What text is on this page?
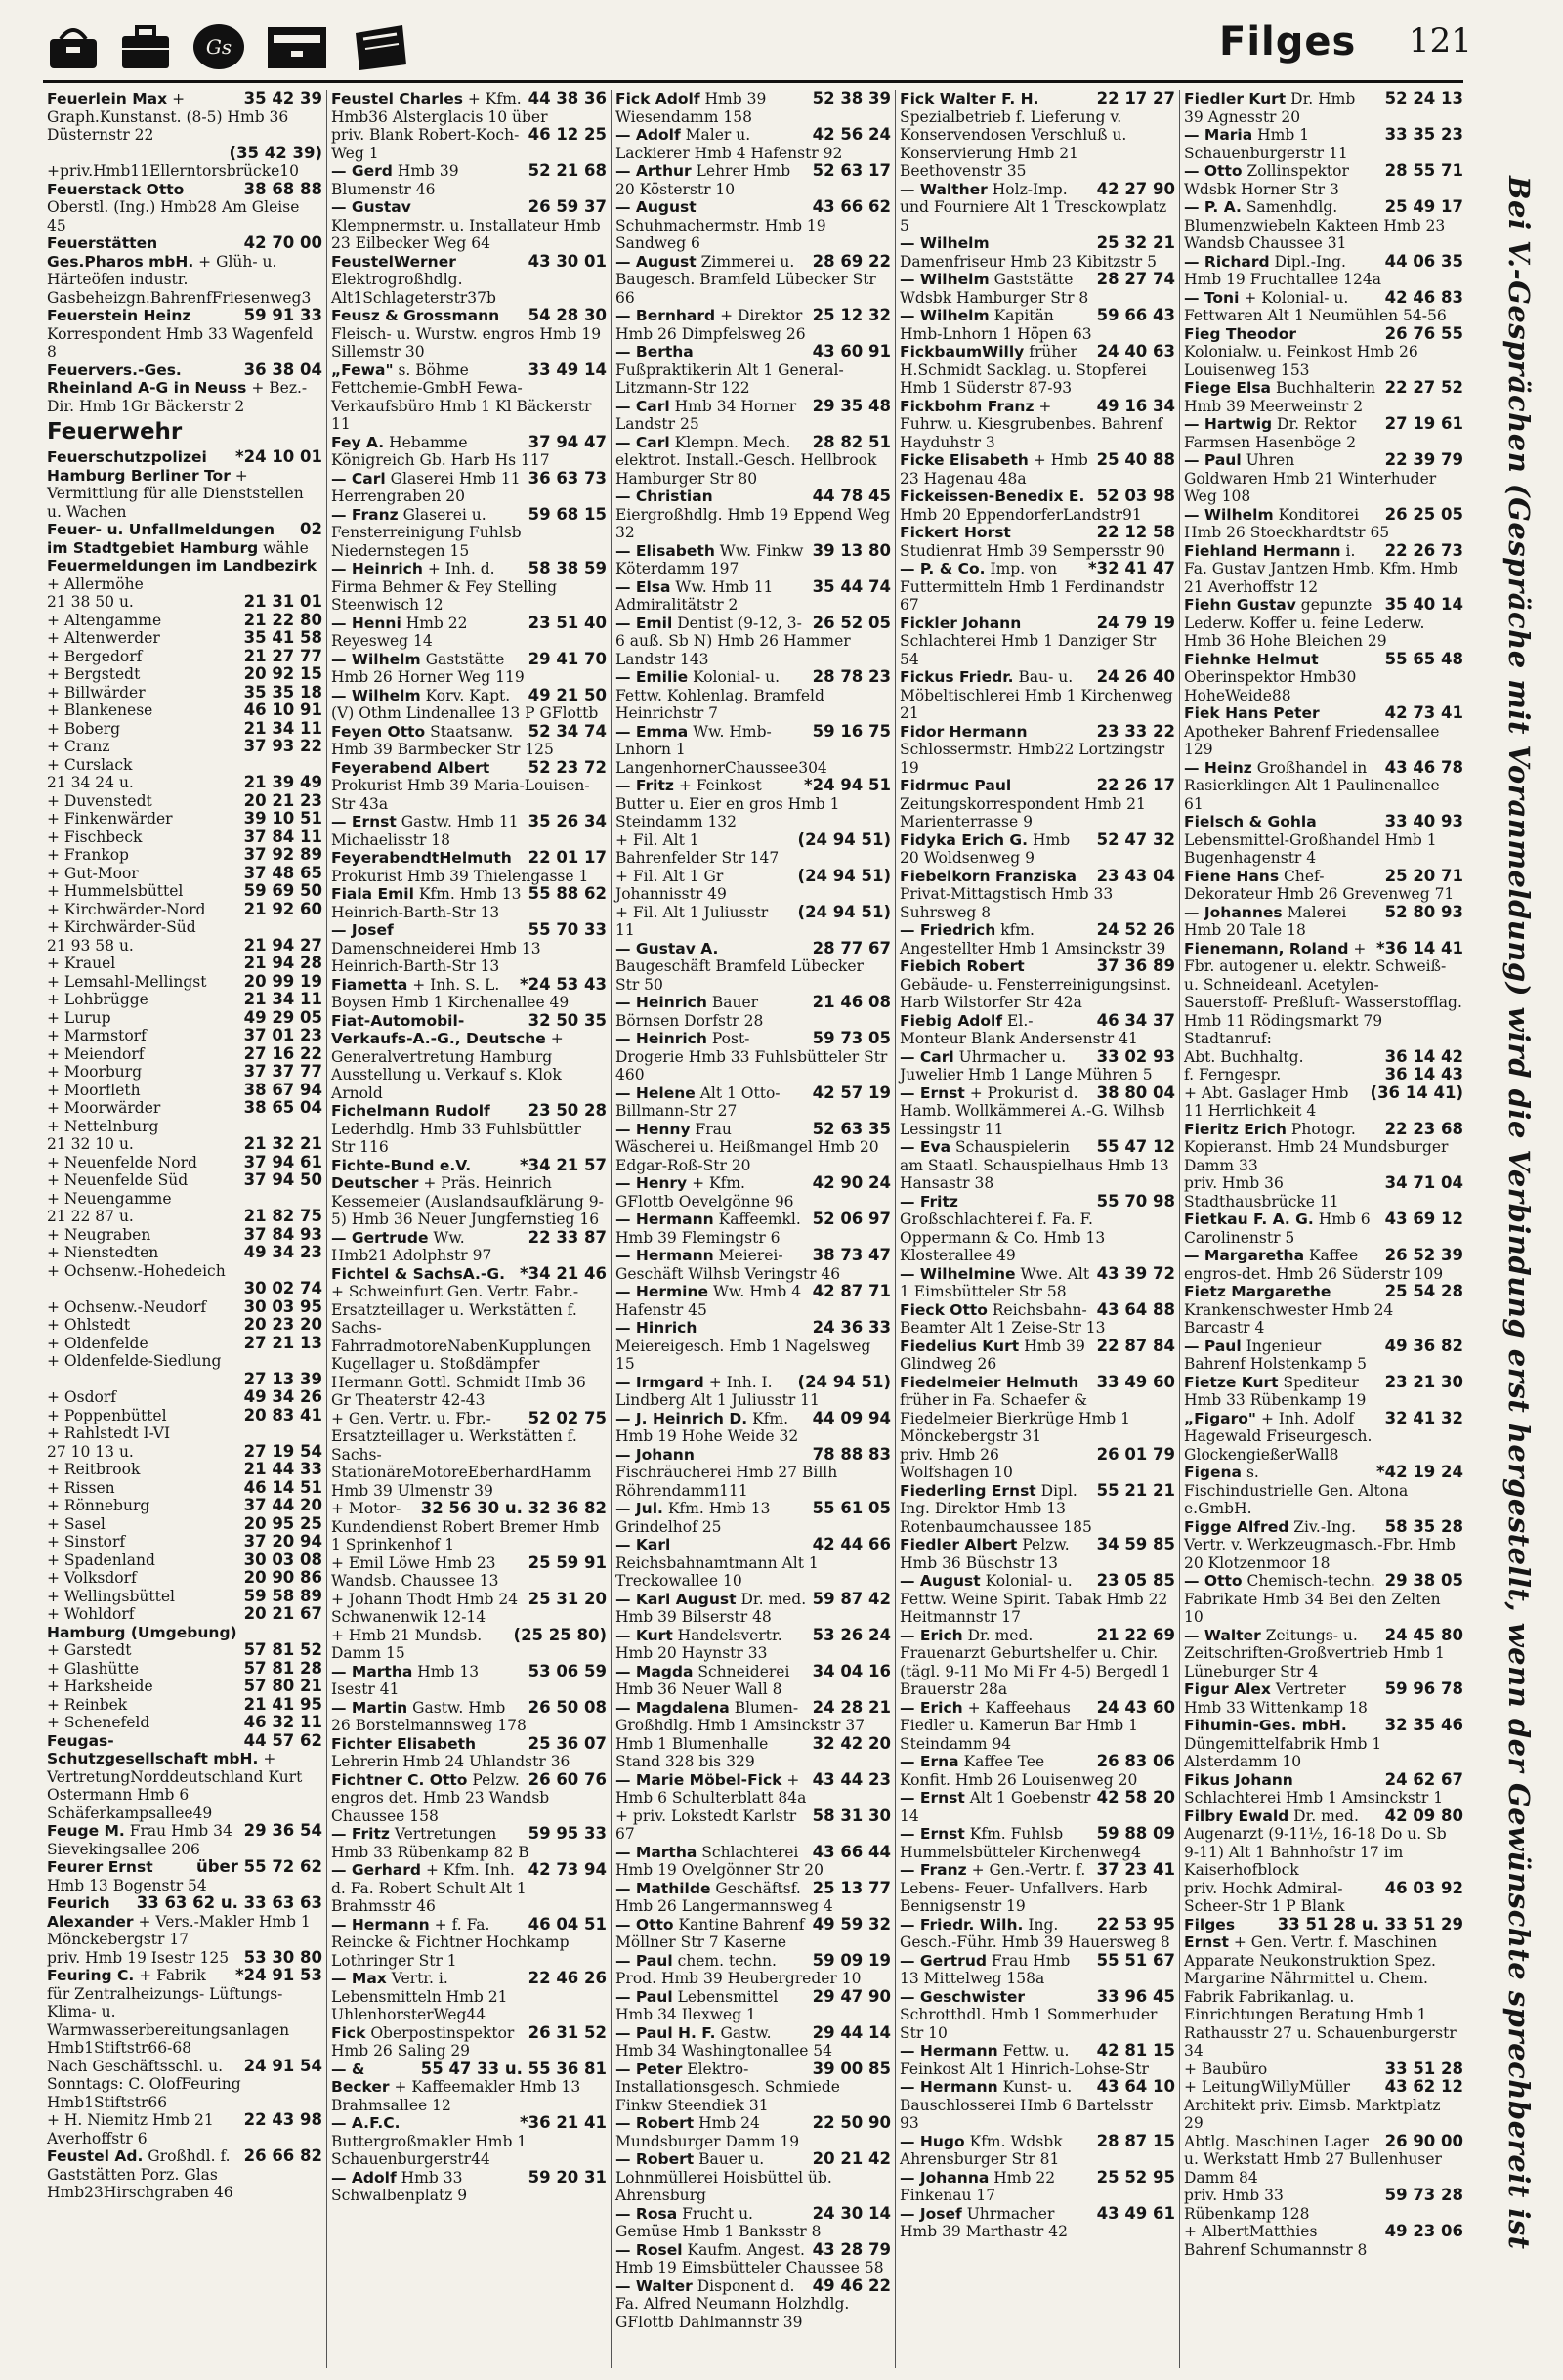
Gs	Filges 121
35 42 39
Feuerlein Max + Graph.Kunstanst. (8-5) Hmb 36 Düsternstr 22
(35 42 39)
+priv.Hmb11Ellerntorsbrücke10
38 68 88
Feuerstack Otto Oberstl. (Ing.) Hmb28 Am Gleise 45
42 70 00
Feuerstätten Ges.Pharos mbH. + Glüh- u. Härteöfen industr. Gasbeheizgn.BahrenfFriesenweg3
59 91 33
Feuerstein Heinz Korrespondent Hmb 33 Wagenfeld 8
36 38 04
Feuervers.-Ges. Rheinland A-G in Neuss + Bez.-Dir. Hmb 1Gr Bäckerstr 2
Feuerwehr
*24 10 01
Feuerschutzpolizei Hamburg Berliner Tor + Vermittlung für alle Dienststellen u. Wachen
02
Feuer- u. Unfallmeldungen im Stadtgebiet Hamburg wähle
Feuermeldungen im Landbezirk
+ Allermöhe
21 31 01
21 38 50 u.
21 22 80
+ Altengamme
35 41 58
+ Altenwerder
21 27 77
+ Bergedorf
20 92 15
+ Bergstedt
35 35 18
+ Billwärder
46 10 91
+ Blankenese
21 34 11
+ Boberg
37 93 22
+ Cranz
+ Curslack
21 39 49
21 34 24 u.
20 21 23
+ Duvenstedt
39 10 51
+ Finkenwärder
37 84 11
+ Fischbeck
37 92 89
+ Frankop
37 48 65
+ Gut-Moor
59 69 50
+ Hummelsbüttel
21 92 60
+ Kirchwärder-Nord
+ Kirchwärder-Süd
21 94 27
21 93 58 u.
21 94 28
+ Krauel
20 99 19
+ Lemsahl-Mellingst
21 34 11
+ Lohbrügge
49 29 05
+ Lurup
37 01 23
+ Marmstorf
27 16 22
+ Meiendorf
37 37 77
+ Moorburg
38 67 94
+ Moorfleth
38 65 04
+ Moorwärder
+ Nettelnburg
21 32 21
21 32 10 u.
37 94 61
+ Neuenfelde Nord
37 94 50
+ Neuenfelde Süd
+ Neuengamme
21 82 75
21 22 87 u.
37 84 93
+ Neugraben
49 34 23
+ Nienstedten
+ Ochsenw.-Hohedeich
30 02 74
30 03 95
+ Ochsenw.-Neudorf
20 23 20
+ Ohlstedt
27 21 13
+ Oldenfelde
+ Oldenfelde-Siedlung
27 13 39
49 34 26
+ Osdorf
20 83 41
+ Poppenbüttel
+ Rahlstedt I-VI
27 19 54
27 10 13 u.
21 44 33
+ Reitbrook
46 14 51
+ Rissen
37 44 20
+ Rönneburg
20 95 25
+ Sasel
37 20 94
+ Sinstorf
30 03 08
+ Spadenland
20 90 86
+ Volksdorf
59 58 89
+ Wellingsbüttel
20 21 67
+ Wohldorf
Hamburg (Umgebung)
57 81 52
+ Garstedt
57 81 28
+ Glashütte
57 80 21
+ Harksheide
21 41 95
+ Reinbek
46 32 11
+ Schenefeld
44 57 62
Feugas-Schutzgesellschaft mbH. + VertretungNorddeutschland Kurt Ostermann Hmb 6 Schäferkampsallee49
29 36 54
Feuge M. Frau Hmb 34 Sievekingsallee 206
über 55 72 62
Feurer Ernst Hmb 13 Bogenstr 54
33 63 62 u. 33 63 63
Feurich Alexander + Vers.-Makler Hmb 1 Mönckebergstr 17
53 30 80
priv. Hmb 19 Isestr 125
*24 91 53
Feuring C. + Fabrik für Zentralheizungs- Lüftungs- Klima- u. Warmwasserbereitungsanlagen Hmb1Stiftstr66-68
24 91 54
Nach Geschäftsschl. u. Sonntags: C. OlofFeuring Hmb1Stiftstr66
22 43 98
+ H. Niemitz Hmb 21 Averhoffstr 6
26 66 82
Feustel Ad. Großhdl. f. Gaststätten Porz. Glas Hmb23Hirschgraben 46
44 38 36
Feustel Charles + Kfm. Hmb36 Alsterglacis 10 über
46 12 25
priv. Blank Robert-Koch-Weg 1
52 21 68
— Gerd Hmb 39 Blumenstr 46
26 59 37
— Gustav Klempnermstr. u. Installateur Hmb 23 Eilbecker Weg 64
43 30 01
FeustelWerner Elektrogroßhdlg. Alt1Schlageterstr37b
54 28 30
Feusz & Grossmann Fleisch- u. Wurstw. engros Hmb 19 Sillemstr 30
33 49 14
„Fewa" s. Böhme Fettchemie-GmbH Fewa-Verkaufsbüro Hmb 1 Kl Bäckerstr 11
37 94 47
Fey A. Hebamme Königreich Gb. Harb Hs 117
36 63 73
— Carl Glaserei Hmb 11 Herrengraben 20
59 68 15
— Franz Glaserei u. Fensterreinigung Fuhlsb Niedernstegen 15
58 38 59
— Heinrich + Inh. d. Firma Behmer & Fey Stelling Steenwisch 12
23 51 40
— Henni Hmb 22 Reyesweg 14
29 41 70
— Wilhelm Gaststätte Hmb 26 Horner Weg 119
49 21 50
— Wilhelm Korv. Kapt. (V) Othm Lindenallee 13 P GFlottb
52 34 74
Feyen Otto Staatsanw. Hmb 39 Barmbecker Str 125
52 23 72
Feyerabend Albert Prokurist Hmb 39 Maria-Louisen-Str 43a
35 26 34
— Ernst Gastw. Hmb 11 Michaelisstr 18
22 01 17
FeyerabendtHelmuth Prokurist Hmb 39 Thielengasse 1
55 88 62
Fiala Emil Kfm. Hmb 13 Heinrich-Barth-Str 13
55 70 33
— Josef Damenschneiderei Hmb 13 Heinrich-Barth-Str 13
*24 53 43
Fiametta + Inh. S. L. Boysen Hmb 1 Kirchenallee 49
32 50 35
Fiat-Automobil-Verkaufs-A.-G., Deutsche + Generalvertretung Hamburg Ausstellung u. Verkauf s. Klok Arnold
23 50 28
Fichelmann Rudolf Lederhdlg. Hmb 33 Fuhlsbüttler Str 116
*34 21 57
Fichte-Bund e.V. Deutscher + Präs. Heinrich Kessemeier (Auslandsaufklärung 9-5) Hmb 36 Neuer Jungfernstieg 16
22 33 87
— Gertrude Ww. Hmb21 Adolphstr 97
*34 21 46
Fichtel & SachsA.-G. + Schweinfurt Gen. Vertr. Fabr.-Ersatzteillager u. Werkstätten f. Sachs-FahrradmotoreNabenKupplungen Kugellager u. Stoßdämpfer Hermann Gottl. Schmidt Hmb 36 Gr Theaterstr 42-43
52 02 75
+ Gen. Vertr. u. Fbr.-Ersatzteillager u. Werkstätten f. Sachs-StationäreMotoreEberhardHamm Hmb 39 Ulmenstr 39
32 56 30 u. 32 36 82
+ Motor-Kundendienst Robert Bremer Hmb 1 Sprinkenhof 1
25 59 91
+ Emil Löwe Hmb 23 Wandsb. Chaussee 13
25 31 20
+ Johann Thodt Hmb 24 Schwanenwik 12-14
(25 25 80)
+ Hmb 21 Mundsb. Damm 15
53 06 59
— Martha Hmb 13 Isestr 41
26 50 08
— Martin Gastw. Hmb 26 Borstelmannsweg 178
25 36 07
Fichter Elisabeth Lehrerin Hmb 24 Uhlandstr 36
26 60 76
Fichtner C. Otto Pelzw. engros det. Hmb 23 Wandsb Chaussee 158
59 95 33
— Fritz Vertretungen Hmb 33 Rübenkamp 82 B
42 73 94
— Gerhard + Kfm. Inh. d. Fa. Robert Schult Alt 1 Brahmsstr 46
46 04 51
— Hermann + f. Fa. Reincke & Fichtner Hochkamp Lothringer Str 1
22 46 26
— Max Vertr. i. Lebensmitteln Hmb 21 UhlenhorsterWeg44
26 31 52
Fick Oberpostinspektor Hmb 26 Saling 29
55 47 33 u. 55 36 81
— & Becker + Kaffeemakler Hmb 13 Brahmsallee 12
*36 21 41
— A.F.C. Buttergroßmakler Hmb 1 Schauenburgerstr44
59 20 31
— Adolf Hmb 33 Schwalbenplatz 9
52 38 39
Fick Adolf Hmb 39 Wiesendamm 158
42 56 24
— Adolf Maler u. Lackierer Hmb 4 Hafenstr 92
52 63 17
— Arthur Lehrer Hmb 20 Kösterstr 10
43 66 62
— August Schuhmachermstr. Hmb 19 Sandweg 6
28 69 22
— August Zimmerei u. Baugesch. Bramfeld Lübecker Str 66
25 12 32
— Bernhard + Direktor Hmb 26 Dimpfelsweg 26
43 60 91
— Bertha Fußpraktikerin Alt 1 General-Litzmann-Str 122
29 35 48
— Carl Hmb 34 Horner Landstr 25
28 82 51
— Carl Klempn. Mech. elektrot. Install.-Gesch. Hellbrook Hamburger Str 80
44 78 45
— Christian Eiergroßhdlg. Hmb 19 Eppend Weg 32
39 13 80
— Elisabeth Ww. Finkw Köterdamm 197
35 44 74
— Elsa Ww. Hmb 11 Admiralitätstr 2
26 52 05
— Emil Dentist (9-12, 3-6 auß. Sb N) Hmb 26 Hammer Landstr 143
28 78 23
— Emilie Kolonial- u. Fettw. Kohlenlag. Bramfeld Heinrichstr 7
59 16 75
— Emma Ww. Hmb-Lnhorn 1 LangenhornerChaussee304
*24 94 51
— Fritz + Feinkost Butter u. Eier en gros Hmb 1 Steindamm 132
(24 94 51)
+ Fil. Alt 1 Bahrenfelder Str 147
(24 94 51)
+ Fil. Alt 1 Gr Johannisstr 49
(24 94 51)
+ Fil. Alt 1 Juliusstr 11
28 77 67
— Gustav A. Baugeschäft Bramfeld Lübecker Str 50
21 46 08
— Heinrich Bauer Börnsen Dorfstr 28
59 73 05
— Heinrich Post-Drogerie Hmb 33 Fuhlsbütteler Str 460
42 57 19
— Helene Alt 1 Otto-Billmann-Str 27
52 63 35
— Henny Frau Wäscherei u. Heißmangel Hmb 20 Edgar-Roß-Str 20
42 90 24
— Henry + Kfm. GFlottb Oevelgönne 96
52 06 97
— Hermann Kaffeemkl. Hmb 39 Flemingstr 6
38 73 47
— Hermann Meierei-Geschäft Wilhsb Veringstr 46
42 87 71
— Hermine Ww. Hmb 4 Hafenstr 45
24 36 33
— Hinrich Meiereigesch. Hmb 1 Nagelsweg 15
(24 94 51)
— Irmgard + Inh. I. Lindberg Alt 1 Juliusstr 11
44 09 94
— J. Heinrich D. Kfm. Hmb 19 Hohe Weide 32
78 88 83
— Johann Fischräucherei Hmb 27 Billh Röhrendamm111
55 61 05
— Jul. Kfm. Hmb 13 Grindelhof 25
42 44 66
— Karl Reichsbahnamtmann Alt 1 Treckowallee 10
59 87 42
— Karl August Dr. med. Hmb 39 Bilserstr 48
53 26 24
— Kurt Handelsvertr. Hmb 20 Haynstr 33
34 04 16
— Magda Schneiderei Hmb 36 Neuer Wall 8
24 28 21
— Magdalena Blumen-Großhdlg. Hmb 1 Amsinckstr 37
32 42 20
Hmb 1 Blumenhalle Stand 328 bis 329
43 44 23
— Marie Möbel-Fick + Hmb 6 Schulterblatt 84a
58 31 30
+ priv. Lokstedt Karlstr 67
43 66 44
— Martha Schlachterei Hmb 19 Ovelgönner Str 20
25 13 77
— Mathilde Geschäftsf. Hmb 26 Langermannsweg 4
49 59 32
— Otto Kantine Bahrenf Möllner Str 7 Kaserne
59 09 19
— Paul chem. techn. Prod. Hmb 39 Heubergreder 10
29 47 90
— Paul Lebensmittel Hmb 34 Ilexweg 1
29 44 14
— Paul H. F. Gastw. Hmb 34 Washingtonallee 54
39 00 85
— Peter Elektro-Installationsgesch. Schmiede Finkw Steendiek 31
22 50 90
— Robert Hmb 24 Mundsburger Damm 19
20 21 42
— Robert Bauer u. Lohnmüllerei Hoisbüttel üb. Ahrensburg
24 30 14
— Rosa Frucht u. Gemüse Hmb 1 Banksstr 8
43 28 79
— Rosel Kaufm. Angest. Hmb 19 Eimsbütteler Chaussee 58
49 46 22
— Walter Disponent d. Fa. Alfred Neumann Holzhdlg. GFlottb Dahlmannstr 39
22 17 27
Fick Walter F. H. Spezialbetrieb f. Lieferung v. Konservendosen Verschluß u. Konservierung Hmb 21 Beethovenstr 35
42 27 90
— Walther Holz-Imp. und Fourniere Alt 1 Tresckowplatz 5
25 32 21
— Wilhelm Damenfriseur Hmb 23 Kibitzstr 5
28 27 74
— Wilhelm Gaststätte Wdsbk Hamburger Str 8
59 66 43
— Wilhelm Kapitän Hmb-Lnhorn 1 Höpen 63
24 40 63
FickbaumWilly früher H.Schmidt Sacklag. u. Stopferei Hmb 1 Süderstr 87-93
49 16 34
Fickbohm Franz + Fuhrw. u. Kiesgrubenbes. Bahrenf Hayduhstr 3
25 40 88
Ficke Elisabeth + Hmb 23 Hagenau 48a
52 03 98
Fickeissen-Benedix E. Hmb 20 EppendorferLandstr91
22 12 58
Fickert Horst Studienrat Hmb 39 Sempersstr 90
*32 41 47
— P. & Co. Imp. von Futtermitteln Hmb 1 Ferdinandstr 67
24 79 19
Fickler Johann Schlachterei Hmb 1 Danziger Str 54
24 26 40
Fickus Friedr. Bau- u. Möbeltischlerei Hmb 1 Kirchenweg 21
23 33 22
Fidor Hermann Schlossermstr. Hmb22 Lortzingstr 19
22 26 17
Fidrmuc Paul Zeitungskorrespondent Hmb 21 Marienterrasse 9
52 47 32
Fidyka Erich G. Hmb 20 Woldsenweg 9
23 43 04
Fiebelkorn Franziska Privat-Mittagstisch Hmb 33 Suhrsweg 8
24 52 26
— Friedrich kfm. Angestellter Hmb 1 Amsinckstr 39
37 36 89
Fiebich Robert Gebäude- u. Fensterreinigungsinst. Harb Wilstorfer Str 42a
46 34 37
Fiebig Adolf El.-Monteur Blank Andersenstr 41
33 02 93
— Carl Uhrmacher u. Juwelier Hmb 1 Lange Mühren 5
38 80 04
— Ernst + Prokurist d. Hamb. Wollkämmerei A.-G. Wilhsb Lessingstr 11
55 47 12
— Eva Schauspielerin am Staatl. Schauspielhaus Hmb 13 Hansastr 38
55 70 98
— Fritz Großschlachterei f. Fa. F. Oppermann & Co. Hmb 13 Klosterallee 49
43 39 72
— Wilhelmine Wwe. Alt 1 Eimsbütteler Str 58
43 64 88
Fieck Otto Reichsbahn-Beamter Alt 1 Zeise-Str 13
22 87 84
Fiedelius Kurt Hmb 39 Glindweg 26
33 49 60
Fiedelmeier Helmuth früher in Fa. Schaefer & Fiedelmeier Bierkrüge Hmb 1 Mönckebergstr 31
26 01 79
priv. Hmb 26 Wolfshagen 10
55 21 21
Fiederling Ernst Dipl. Ing. Direktor Hmb 13 Rotenbaumchaussee 185
34 59 85
Fiedler Albert Pelzw. Hmb 36 Büschstr 13
23 05 85
— August Kolonial- u. Fettw. Weine Spirit. Tabak Hmb 22 Heitmannstr 17
21 22 69
— Erich Dr. med. Frauenarzt Geburtshelfer u. Chir. (tägl. 9-11 Mo Mi Fr 4-5) Bergedl 1 Brauerstr 28a
24 43 60
— Erich + Kaffeehaus Fiedler u. Kamerun Bar Hmb 1 Steindamm 94
26 83 06
— Erna Kaffee Tee Konfit. Hmb 26 Louisenweg 20
42 58 20
— Ernst Alt 1 Goebenstr 14
59 88 09
— Ernst Kfm. Fuhlsb Hummelsbütteler Kirchenweg4
37 23 41
— Franz + Gen.-Vertr. f. Lebens- Feuer- Unfallvers. Harb Bennigsenstr 19
22 53 95
— Friedr. Wilh. Ing. Gesch.-Führ. Hmb 39 Hauersweg 8
55 51 67
— Gertrud Frau Hmb 13 Mittelweg 158a
33 96 45
— Geschwister Schrotthdl. Hmb 1 Sommerhuder Str 10
42 81 15
— Hermann Fettw. u. Feinkost Alt 1 Hinrich-Lohse-Str
43 64 10
— Hermann Kunst- u. Bauschlosserei Hmb 6 Bartelsstr 93
28 87 15
— Hugo Kfm. Wdsbk Ahrensburger Str 81
25 52 95
— Johanna Hmb 22 Finkenau 17
43 49 61
— Josef Uhrmacher Hmb 39 Marthastr 42
52 24 13
Fiedler Kurt Dr. Hmb 39 Agnesstr 20
33 35 23
— Maria Hmb 1 Schauenburgerstr 11
28 55 71
— Otto Zollinspektor Wdsbk Horner Str 3
25 49 17
— P. A. Samenhdlg. Blumenzwiebeln Kakteen Hmb 23 Wandsb Chaussee 31
44 06 35
— Richard Dipl.-Ing. Hmb 19 Fruchtallee 124a
42 46 83
— Toni + Kolonial- u. Fettwaren Alt 1 Neumühlen 54-56
26 76 55
Fieg Theodor Kolonialw. u. Feinkost Hmb 26 Louisenweg 153
22 27 52
Fiege Elsa Buchhalterin Hmb 39 Meerweinstr 2
27 19 61
— Hartwig Dr. Rektor Farmsen Hasenböge 2
22 39 79
— Paul Uhren Goldwaren Hmb 21 Winterhuder Weg 108
26 25 05
— Wilhelm Konditorei Hmb 26 Stoeckhardtstr 65
22 26 73
Fiehland Hermann i. Fa. Gustav Jantzen Hmb. Kfm. Hmb 21 Averhoffstr 12
35 40 14
Fiehn Gustav gepunzte Lederw. Koffer u. feine Lederw. Hmb 36 Hohe Bleichen 29
55 65 48
Fiehnke Helmut Oberinspektor Hmb30 HoheWeide88
42 73 41
Fiek Hans Peter Apotheker Bahrenf Friedensallee 129
43 46 78
— Heinz Großhandel in Rasierklingen Alt 1 Paulinenallee 61
33 40 93
Fielsch & Gohla Lebensmittel-Großhandel Hmb 1 Bugenhagenstr 4
25 20 71
Fiene Hans Chef-Dekorateur Hmb 26 Grevenweg 71
52 80 93
— Johannes Malerei Hmb 20 Tale 18
*36 14 41
Fienemann, Roland + Fbr. autogener u. elektr. Schweiß- u. Schneideanl. Acetylen- Sauerstoff- Preßluft- Wasserstofflag. Hmb 11 Rödingsmarkt 79 Stadtanruf:
36 14 42
Abt. Buchhaltg.
36 14 43
f. Ferngespr.
(36 14 41)
+ Abt. Gaslager Hmb 11 Herrlichkeit 4
22 23 68
Fieritz Erich Photogr. Kopieranst. Hmb 24 Mundsburger Damm 33
34 71 04
priv. Hmb 36 Stadthausbrücke 11
43 69 12
Fietkau F. A. G. Hmb 6 Carolinenstr 5
26 52 39
— Margaretha Kaffee engros-det. Hmb 26 Süderstr 109
25 54 28
Fietz Margarethe Krankenschwester Hmb 24 Barcastr 4
49 36 82
— Paul Ingenieur Bahrenf Holstenkamp 5
23 21 30
Fietze Kurt Spediteur Hmb 33 Rübenkamp 19
32 41 32
„Figaro" + Inh. Adolf Hagewald Friseurgesch. GlockengießerWall8
*42 19 24
Figena s. Fischindustrielle Gen. Altona e.GmbH.
58 35 28
Figge Alfred Ziv.-Ing. Vertr. v. Werkzeugmasch.-Fbr. Hmb 20 Klotzenmoor 18
29 38 05
— Otto Chemisch-techn. Fabrikate Hmb 34 Bei den Zelten 10
24 45 80
— Walter Zeitungs- u. Zeitschriften-Großvertrieb Hmb 1 Lüneburger Str 4
59 96 78
Figur Alex Vertreter Hmb 33 Wittenkamp 18
32 35 46
Fihumin-Ges. mbH. Düngemittelfabrik Hmb 1 Alsterdamm 10
24 62 67
Fikus Johann Schlachterei Hmb 1 Amsinckstr 1
42 09 80
Filbry Ewald Dr. med. Augenarzt (9-11½, 16-18 Do u. Sb 9-11) Alt 1 Bahnhofstr 17 im Kaiserhofblock
46 03 92
priv. Hochk Admiral-Scheer-Str 1 P Blank
33 51 28 u. 33 51 29
Filges Ernst + Gen. Vertr. f. Maschinen Apparate Neukonstruktion Spez. Margarine Nährmittel u. Chem. Fabrik Fabrikanlag. u. Einrichtungen Beratung Hmb 1 Rathausstr 27 u. Schauenburgerstr 34
33 51 28
+ Baubüro
43 62 12
+ LeitungWillyMüller Architekt priv. Eimsb. Marktplatz 29
26 90 00
Abtlg. Maschinen Lager u. Werkstatt Hmb 27 Bullenhuser Damm 84
59 73 28
priv. Hmb 33 Rübenkamp 128
49 23 06
+ AlbertMatthies Bahrenf Schumannstr 8	Bei V.-Gesprächen (Gespräche mit Voranmeldung) wird die Verbindung erst hergestellt, wenn der Gewünschte sprechbereit ist
